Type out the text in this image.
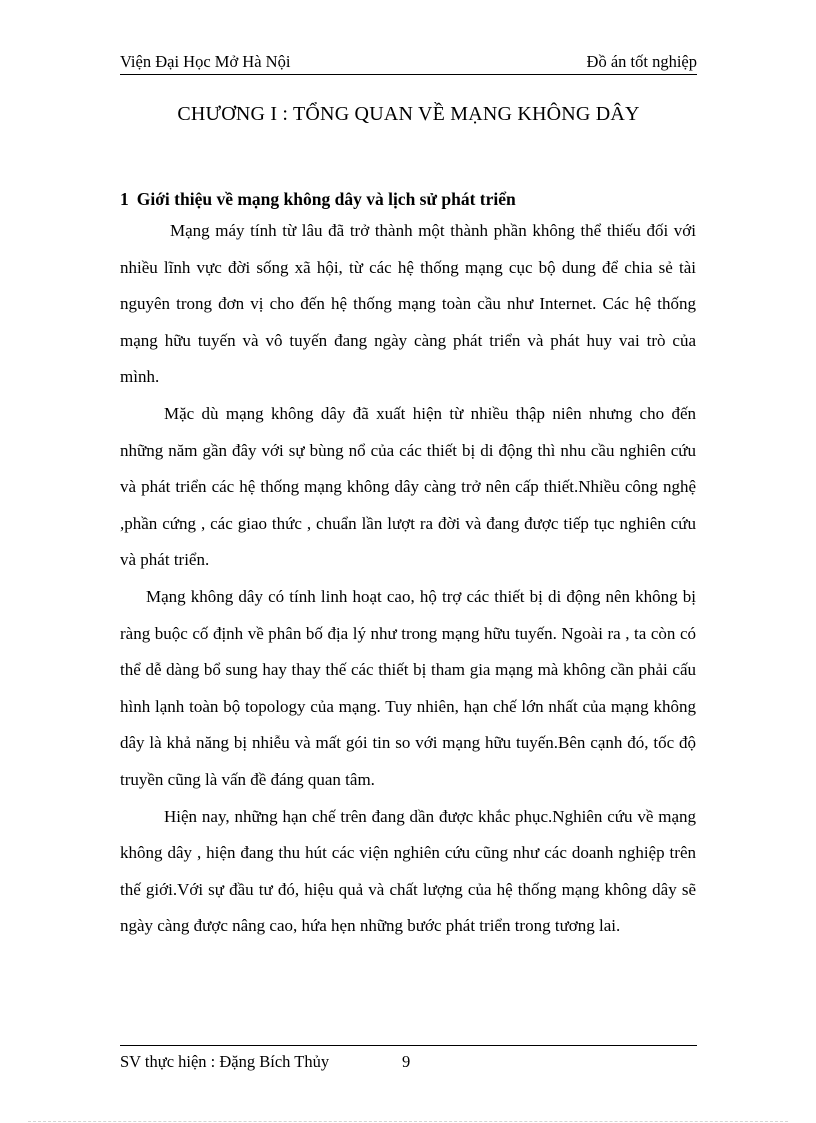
Viện Đại Học Mở Hà Nội	Đồ án tốt nghiệp
CHƯƠNG I : TỔNG QUAN VỀ MẠNG KHÔNG DÂY
1 Giới thiệu về mạng không dây và lịch sử phát triển

Mạng máy tính từ lâu đã trở thành một thành phần không thể thiếu đối với nhiều lĩnh vực đời sống xã hội, từ các hệ thống mạng cục bộ dung để chia sẻ tài nguyên trong đơn vị cho đến hệ thống mạng toàn cầu như Internet. Các hệ thống mạng hữu tuyến và vô tuyến đang ngày càng phát triển và phát huy vai trò của mình.

Mặc dù mạng không dây đã xuất hiện từ nhiều thập niên nhưng cho đến những năm gần đây với sự bùng nổ của các thiết bị di động thì nhu cầu nghiên cứu và phát triển các hệ thống mạng không dây càng trở nên cấp thiết.Nhiều công nghệ ,phần cứng , các giao thức , chuẩn lần lượt ra đời và đang được tiếp tục nghiên cứu và phát triển.

Mạng không dây có tính linh hoạt cao, hộ trợ các thiết bị di động nên không bị ràng buộc cố định về phân bố địa lý như trong mạng hữu tuyến. Ngoài ra , ta còn có thể dễ dàng bổ sung hay thay thế các thiết bị tham gia mạng mà không cần phải cấu hình lạnh toàn bộ topology của mạng. Tuy nhiên, hạn chế lớn nhất của mạng không dây là khả năng bị nhiễu và mất gói tin so với mạng hữu tuyến.Bên cạnh đó, tốc độ truyền cũng là vấn đề đáng quan tâm.

Hiện nay, những hạn chế trên đang dần được khắc phục.Nghiên cứu về mạng không dây , hiện đang thu hút các viện nghiên cứu cũng như các doanh nghiệp trên thế giới.Với sự đầu tư đó, hiệu quả và chất lượng của hệ thống mạng không dây sẽ ngày càng được nâng cao, hứa hẹn những bước phát triển trong tương lai.

SV thực hiện : Đặng Bích Thủy	9
